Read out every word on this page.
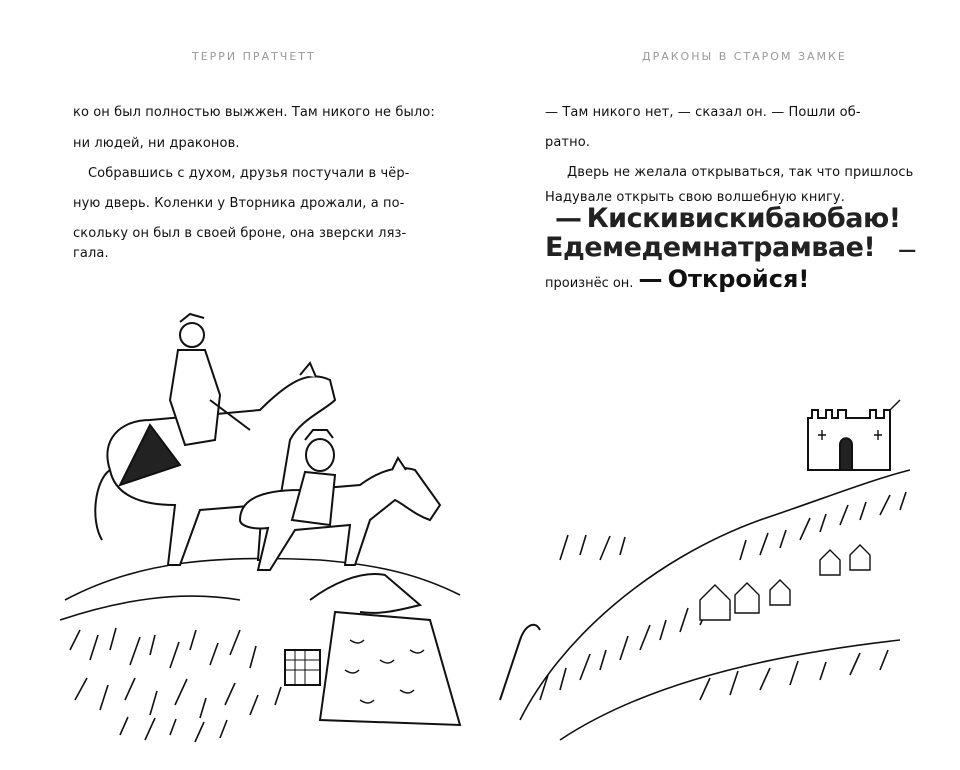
ТЕРРИ ПРАТЧЕТТ
ко он был полностью выжжен. Там никого не было:
ни людей, ни драконов.
Собравшись с духом, друзья постучали в чёр-
ную дверь. Коленки у Вторника дрожали, а по-
скольку он был в своей броне, она зверски ляз-
гала.
ДРАКОНЫ В СТАРОМ ЗАМКЕ
— Там никого нет, — сказал он. — Пошли об-
ратно.
Дверь не желала открываться, так что пришлось
Надувале открыть свою волшебную книгу.
— Кискивискибаюбаю!
Едемедемнатрамвае! —
произнёс он. — Откройся!
